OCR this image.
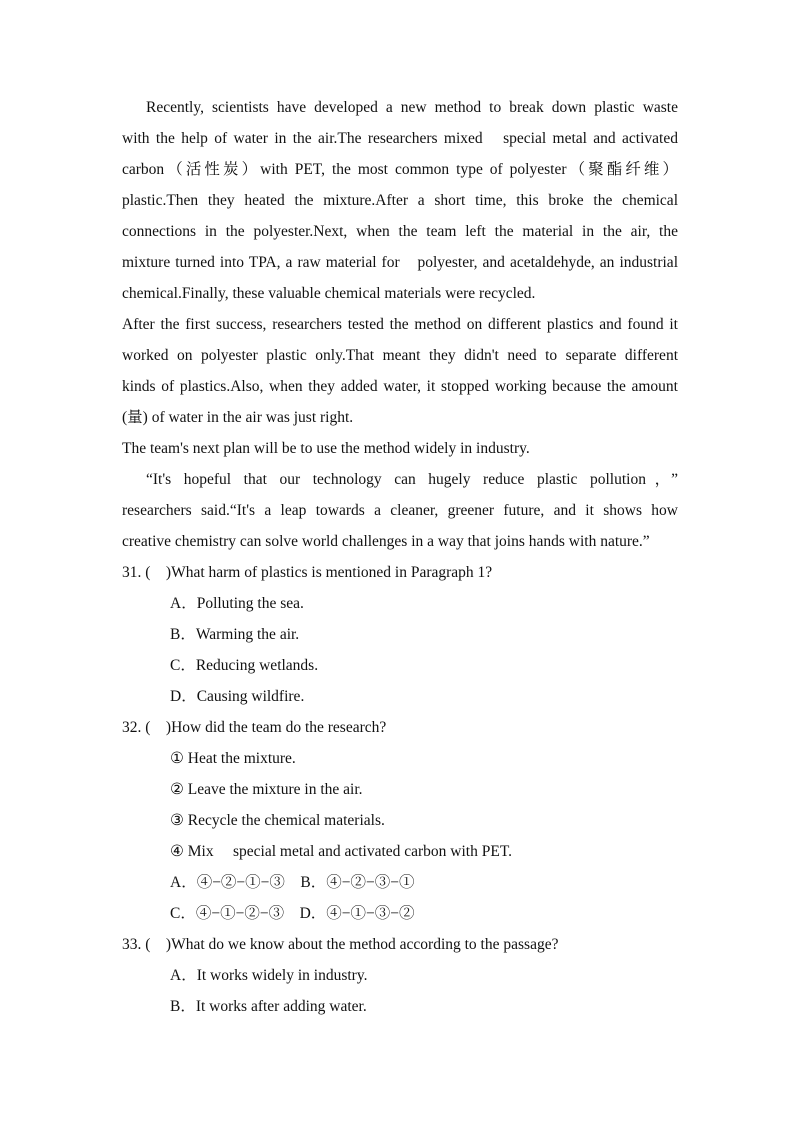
Recently, scientists have developed a new method to break down plastic waste
with the help of water in the air.The researchers mixed　special metal and activated
carbon（活性炭）with PET, the most common type of polyester（聚酯纤维）
plastic.Then they heated the mixture.After a short time, this broke the chemical
connections in the polyester.Next, when the team left the material in the air, the
mixture turned into TPA, a raw material for　polyester, and acetaldehyde, an industrial
chemical.Finally, these valuable chemical materials were recycled.
After the first success, researchers tested the method on different plastics and found it
worked on polyester plastic only.That meant they didn't need to separate different
kinds of plastics.Also, when they added water, it stopped working because the amount
(量) of water in the air was just right.
The team's next plan will be to use the method widely in industry.
“It's hopeful that our technology can hugely reduce plastic pollution，”
researchers said.“It's a leap towards a cleaner, greener future, and it shows how
creative chemistry can solve world challenges in a way that joins hands with nature.”
31. (　)What harm of plastics is mentioned in Paragraph 1?
A．Polluting the sea.
B．Warming the air.
C．Reducing wetlands.
D．Causing wildfire.
32. (　)How did the team do the research?
① Heat the mixture.
② Leave the mixture in the air.
③ Recycle the chemical materials.
④ Mix　 special metal and activated carbon with PET.
A．④−②−①−③　B．④−②−③−①
C．④−①−②−③　D．④−①−③−②
33. (　)What do we know about the method according to the passage?
A．It works widely in industry.
B．It works after adding water.
